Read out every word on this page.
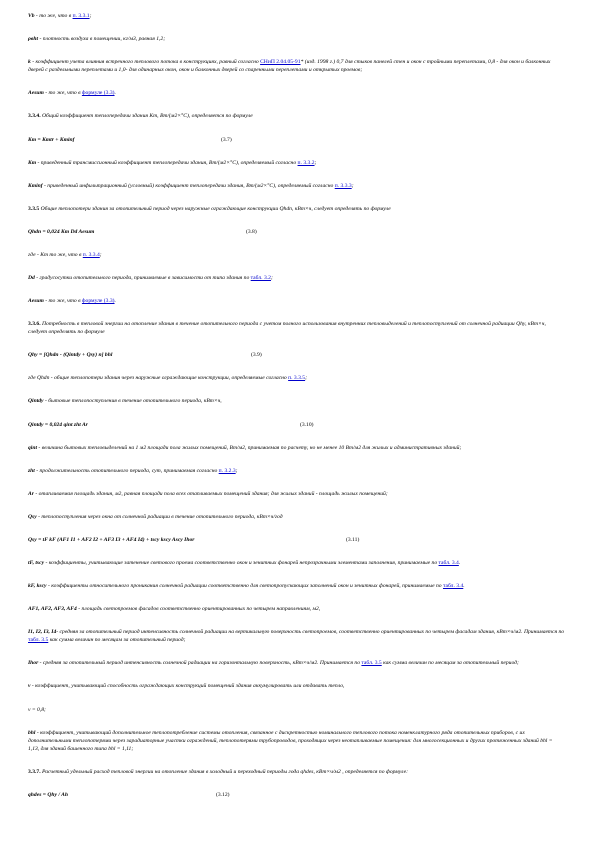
Vb - то же, что в п. 3.3.1;

ρвht - плотность воздуха в помещении, кг/м3, равная 1,2;

k - коэффициент учета влияния встречного теплового потока в конструкциях, равный согласно СНиП 2.04.05-91* (изд. 1998 г.) 0,7 для стыков панелей стен и окон с тройными переплетами, 0,8 - для окон и балконных дверей с раздельными переплетами и 1,0- для одинарных окон, окон и балконных дверей со спаренными переплетами и открытых проемов;

Aesum - то же, что в формуле (3.3).

3.3.4. Общий коэффициент теплопередачи здания Km, Вт/(м2×°С), определяется по формуле

Km = Kmtr + Kminf	(3.7)

Km - приведенный трансмиссионный коэффициент теплопередачи здания, Вт/(м2×°С), определяемый согласно п. 3.3.2;

Kminf - приведенный инфильтрационный (условный) коэффициент теплопередачи здания, Вт/(м2×°С), определяемый согласно п. 3.3.3;

3.3.5 Общие теплопотери здания за отопительный период через наружные ограждающие конструкции Qhdn, кВт×ч, следует определять по формуле

Qhdn = 0,024 Km Dd Aesum	(3.8)

где - Km то же, что в п. 3.3.4;

Dd - градусосутки отопительного периода, принимаемые в зависимости от типа здания по табл. 3.2;

Aesum - то же, что в формуле (3.3).

3.3.6. Потребность в тепловой энергии на отопление здания в течение отопительного периода с учетом полного использования внутренних тепловыделений и теплопоступлений от солнечной радиации Qhy, кВт×ч, следует определять по формуле

Qhy = [Qhdn - (Qintdy + Qsy) n] bhl	(3.9)

где Qhdn - общие теплопотери здания через наружные ограждающие конструкции, определяемые согласно п. 3.3.5;

Qintdy - бытовые теплопоступления в течение отопительного периода, кВт×ч,

Qintdy = 0,024 qint zht Ar	(3.10)

qint - величина бытовых тепловыделений на 1 м2 площади пола жилых помещений, Вт/м2, принимаемая по расчету, но не менее 10 Вт/м2 для жилых и административных зданий;

zht - продолжительность отопительного периода, сут, принимаемая согласно п. 3.2.3;

Ar - отапливаемая площадь здания, м2, равная площади пола всех отапливаемых помещений здания; для жилых зданий - площадь жилых помещений;

Qsy - теплопоступления через окна от солнечной радиации в течение отопительного периода, кВт×ч/год

Qsy = tF kF (AF1 I1 + AF2 I2 + AF3 I3 + AF4 I4) + tscy kscy Ascy Ihor	(3.11)

tF, tscy - коэффициенты, учитывающие затенение светового проема соответственно окон и зенитных фонарей непрозрачными элементами заполнения, принимаемые по табл. 3.4.

kF, kscy - коэффициенты относительного проникания солнечной радиации соответственно для светопропускающих заполнений окон и зенитных фонарей, принимаемые по табл. 3.4.

AF1, AF2, AF3, AF4 - площадь светопроемов фасадов соответственно ориентированных по четырем направлениям, м2,

I1, I2, I3, I4- средняя за отопительный период интенсивность солнечной радиации на вертикальную поверхность светопроемов, соответственно ориентированных по четырем фасадам здания, кВт×ч/м2. Принимается по табл. 3.5 как сумма величин по месяцам за отопительный период;

Ihor - средняя за отопительный период интенсивность солнечной радиации на горизонтальную поверхность, кВт×ч/м2. Принимается по табл. 3.5 как сумма величин по месяцам за отопительный период;

v - коэффициент, учитывающий способность ограждающих конструкций помещений здания аккумулировать или отдавать тепло,

v = 0,8;

bhl - коэффициент, учитывающий дополнительное теплопотребление системы отопления, связанное с дискретностью номинального теплового потока номенклатурного ряда отопительных приборов, с их дополнительными теплопотерями через зарадиаторные участки ограждений, теплопотерями трубопроводов, проходящих через неотапливаемые помещения: для многосекционных и других протяженных зданий bhl = 1,13, для зданий башенного типа bhl = 1,11;

3.3.7. Расчетный удельный расход тепловой энергии на отопление здания в холодный и переходный периоды года qhdes, кВт×ч/м2 , определяется по формуле:

qhdes = Qhy / Ah	(3.12)
